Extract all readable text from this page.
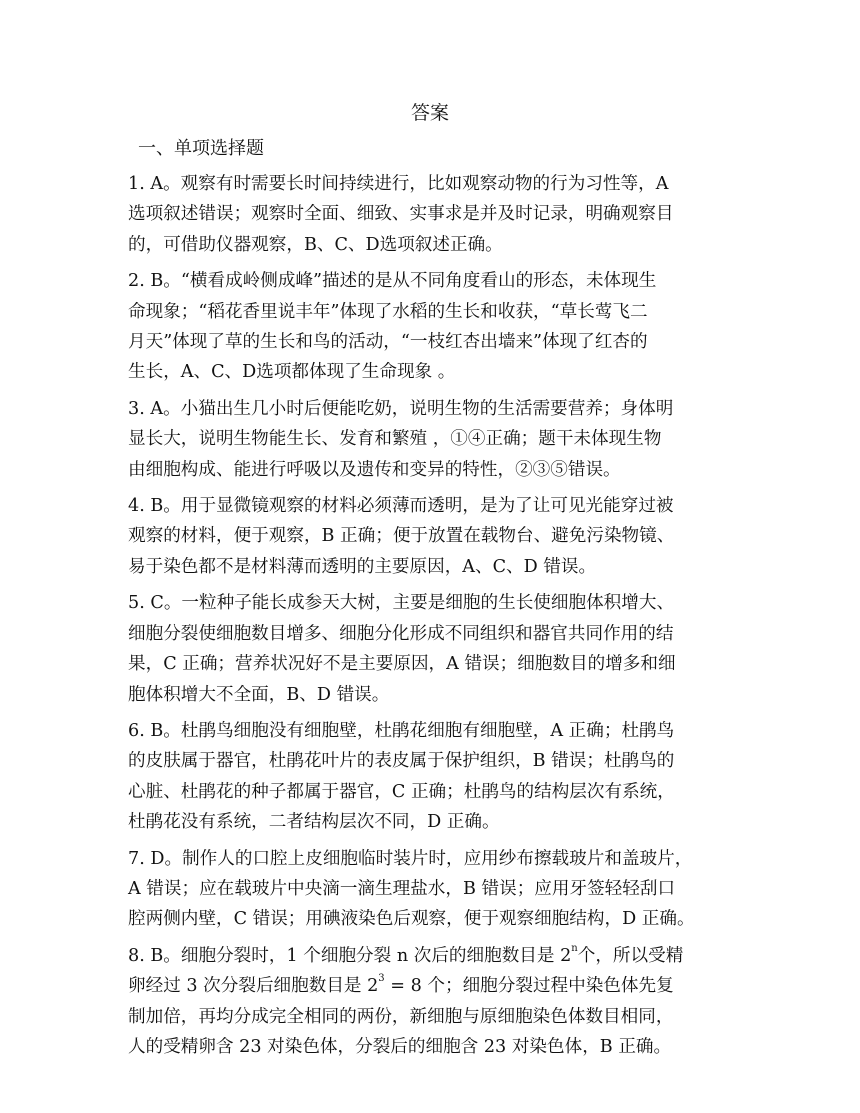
答案
一、单项选择题
1. A。观察有时需要长时间持续进行，比如观察动物的行为习性等，A
选项叙述错误；观察时全面、细致、实事求是并及时记录，明确观察目
的，可借助仪器观察，B、C、D选项叙述正确。
2. B。“横看成岭侧成峰”描述的是从不同角度看山的形态，未体现生
命现象；“稻花香里说丰年”体现了水稻的生长和收获，“草长莺飞二
月天”体现了草的生长和鸟的活动，“一枝红杏出墙来”体现了红杏的
生长，A、C、D选项都体现了生命现象 。
3. A。小猫出生几小时后便能吃奶，说明生物的生活需要营养；身体明
显长大，说明生物能生长、发育和繁殖 ，①④正确；题干未体现生物
由细胞构成、能进行呼吸以及遗传和变异的特性，②③⑤错误。
4. B。用于显微镜观察的材料必须薄而透明，是为了让可见光能穿过被
观察的材料，便于观察，B 正确；便于放置在载物台、避免污染物镜、
易于染色都不是材料薄而透明的主要原因，A、C、D 错误。
5. C。一粒种子能长成参天大树，主要是细胞的生长使细胞体积增大、
细胞分裂使细胞数目增多、细胞分化形成不同组织和器官共同作用的结
果，C 正确；营养状况好不是主要原因，A 错误；细胞数目的增多和细
胞体积增大不全面，B、D 错误。
6. B。杜鹃鸟细胞没有细胞壁，杜鹃花细胞有细胞壁，A 正确；杜鹃鸟
的皮肤属于器官，杜鹃花叶片的表皮属于保护组织，B 错误；杜鹃鸟的
心脏、杜鹃花的种子都属于器官，C 正确；杜鹃鸟的结构层次有系统，
杜鹃花没有系统，二者结构层次不同，D 正确。
7. D。制作人的口腔上皮细胞临时装片时，应用纱布擦载玻片和盖玻片，
A 错误；应在载玻片中央滴一滴生理盐水，B 错误；应用牙签轻轻刮口
腔两侧内壁，C 错误；用碘液染色后观察，便于观察细胞结构，D 正确。
8. B。细胞分裂时，1 个细胞分裂 n 次后的细胞数目是 2$^n$个，所以受精
卵经过 3 次分裂后细胞数目是 $2^3 = 8$ 个；细胞分裂过程中染色体先复
制加倍，再均分成完全相同的两份，新细胞与原细胞染色体数目相同，
人的受精卵含 23 对染色体，分裂后的细胞含 23 对染色体，B 正确。
